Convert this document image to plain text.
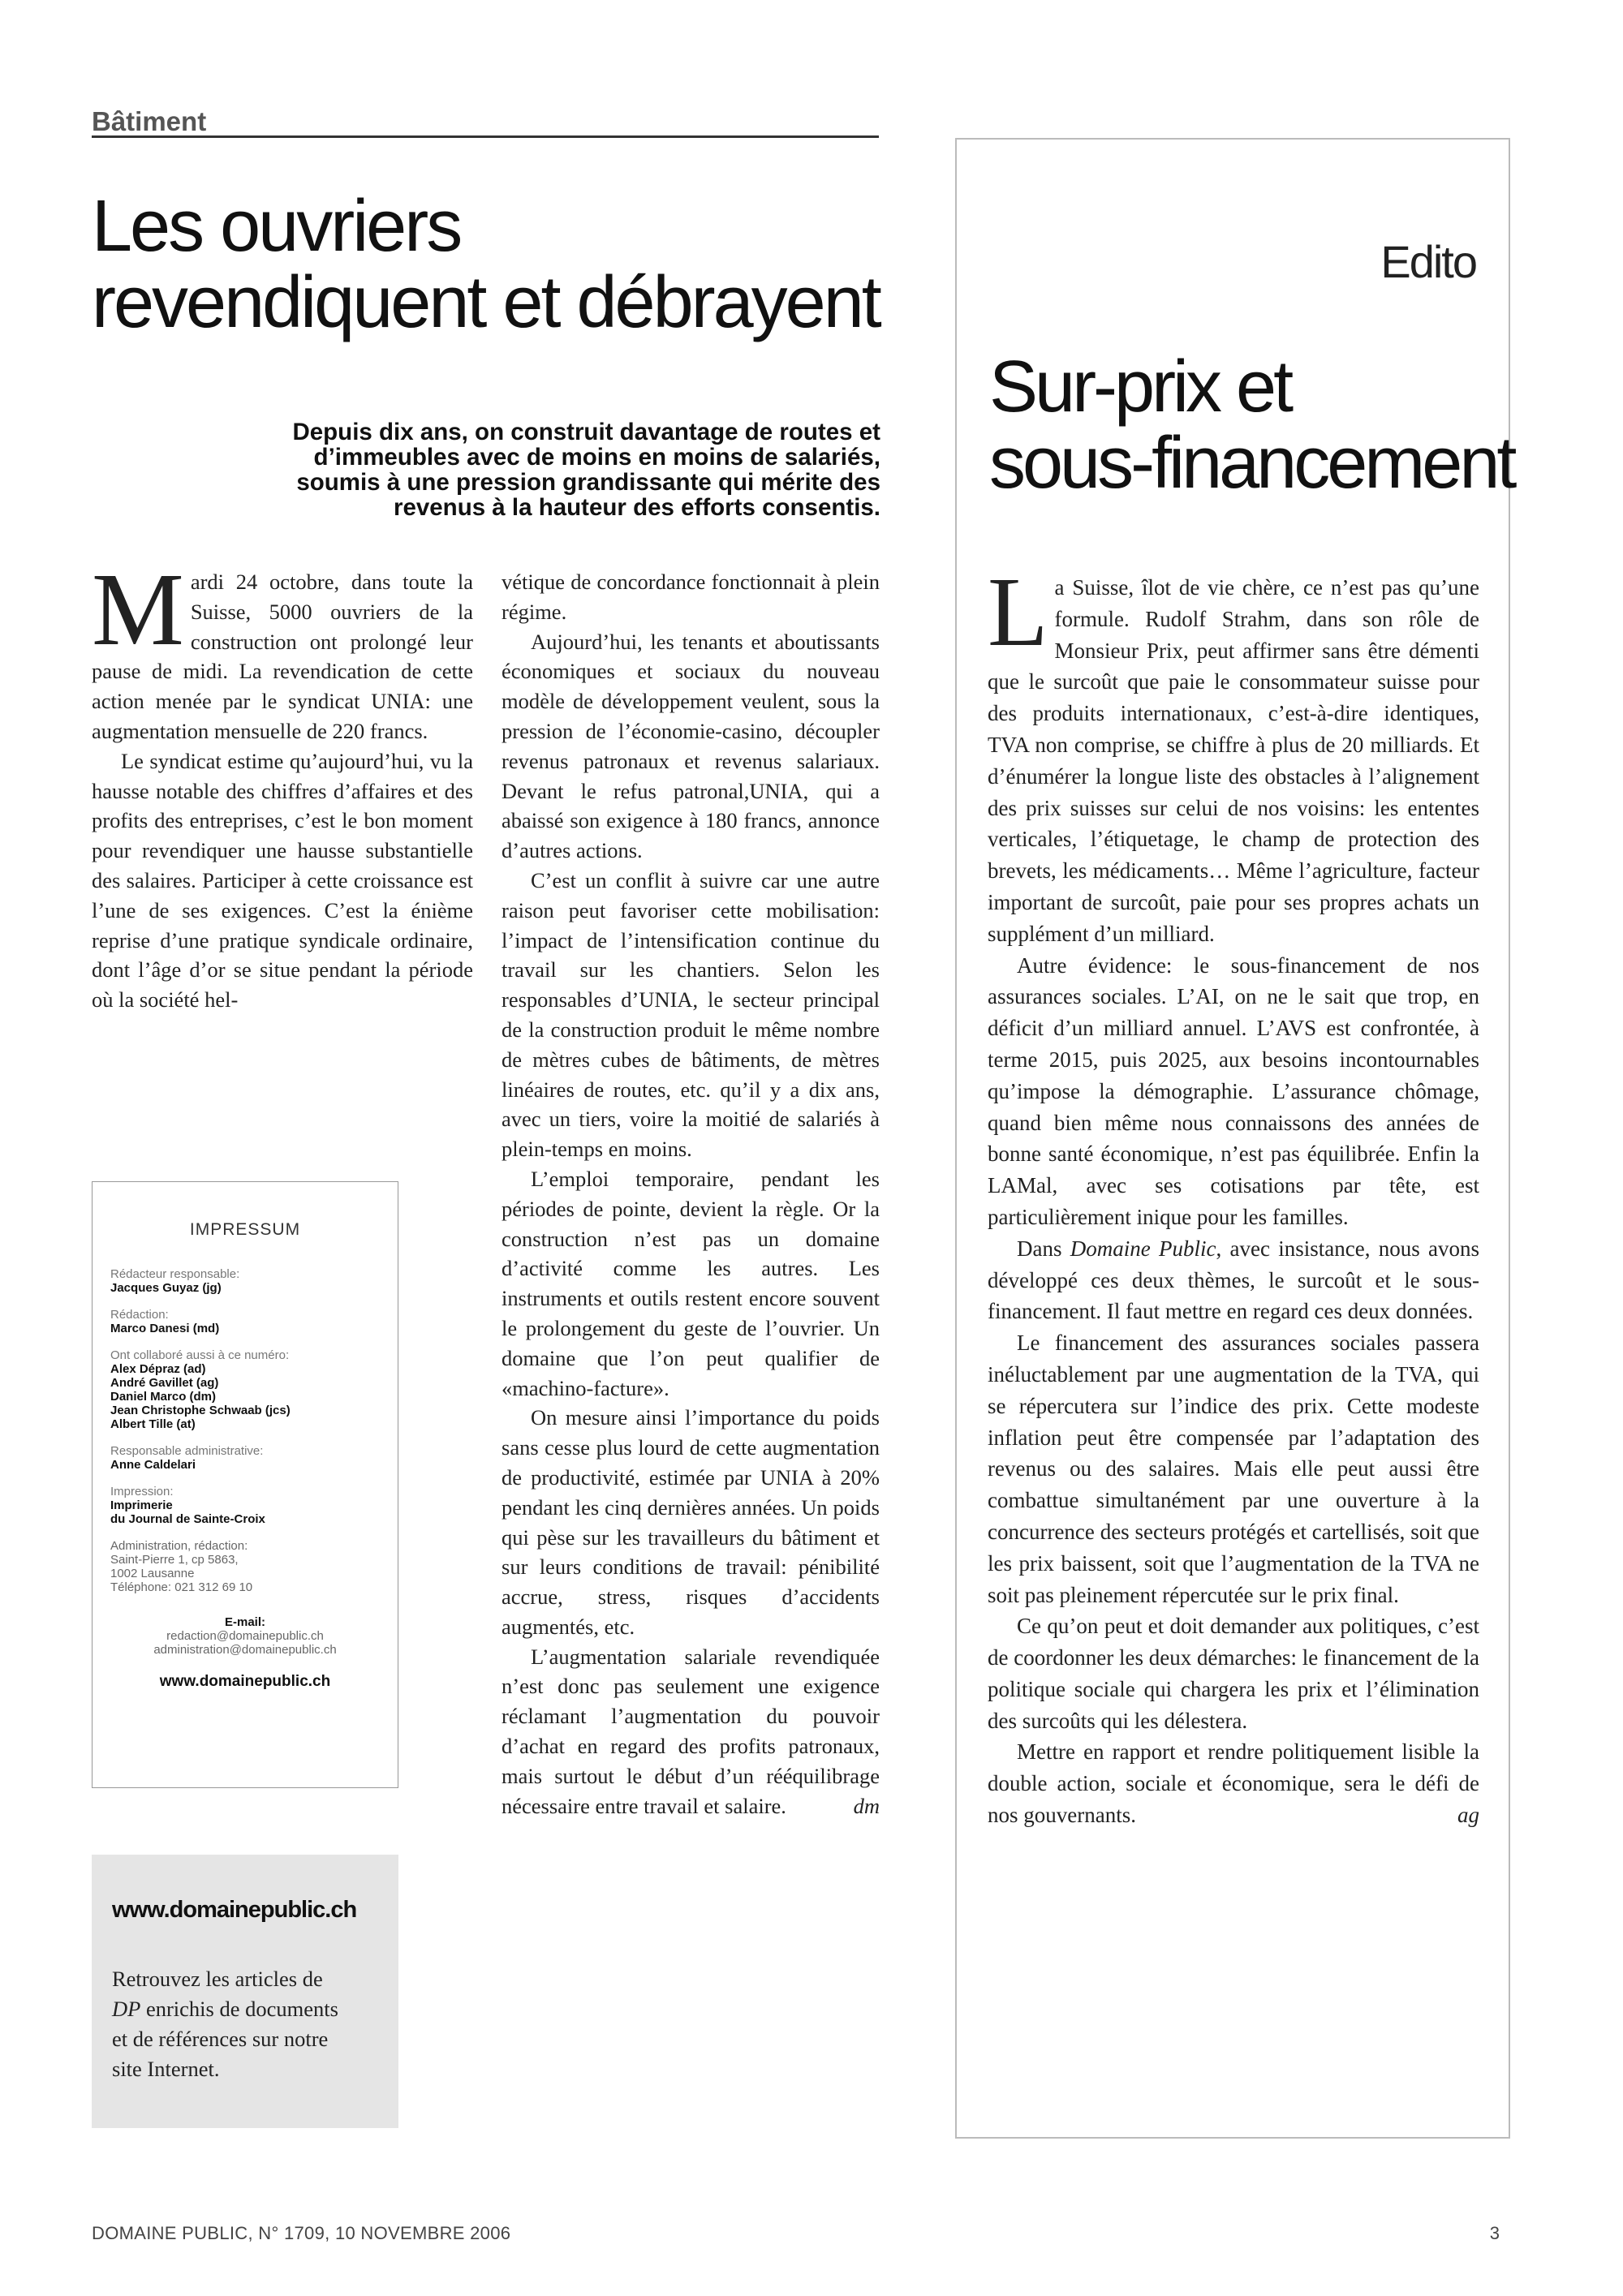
Bâtiment
Les ouvriers
revendiquent et débrayent
Depuis dix ans, on construit davantage de routes et
d’immeubles avec de moins en moins de salariés,
soumis à une pression grandissante qui mérite des
revenus à la hauteur des efforts consentis.

Mardi 24 octobre, dans toute la Suisse, 5000 ouvriers de la construction ont prolongé leur pause de midi. La revendication de cette action menée par le syndicat UNIA: une augmentation mensuelle de 220 francs.

Le syndicat estime qu’aujourd’hui, vu la hausse notable des chiffres d’affaires et des profits des entreprises, c’est le bon moment pour revendiquer une hausse substantielle des salaires. Participer à cette croissance est l’une de ses exigences. C’est la énième reprise d’une pratique syndicale ordinaire, dont l’âge d’or se situe pendant la période où la société hel-

vétique de concordance fonctionnait à plein régime.

Aujourd’hui, les tenants et aboutissants économiques et sociaux du nouveau modèle de développement veulent, sous la pression de l’économie-casino, découpler revenus patronaux et revenus salariaux. Devant le refus patronal,UNIA, qui a abaissé son exigence à 180 francs, annonce d’autres actions.

C’est un conflit à suivre car une autre raison peut favoriser cette mobilisation: l’impact de l’intensification continue du travail sur les chantiers. Selon les responsables d’UNIA, le secteur principal de la construction produit le même nombre de mètres cubes de bâtiments, de mètres linéaires de routes, etc. qu’il y a dix ans, avec un tiers, voire la moitié de salariés à plein-temps en moins.

L’emploi temporaire, pendant les périodes de pointe, devient la règle. Or la construction n’est pas un domaine d’activité comme les autres. Les instruments et outils restent encore souvent le prolongement du geste de l’ouvrier. Un domaine que l’on peut qualifier de «machino-facture».

On mesure ainsi l’importance du poids sans cesse plus lourd de cette augmentation de productivité, estimée par UNIA à 20% pendant les cinq dernières années. Un poids qui pèse sur les travailleurs du bâtiment et sur leurs conditions de travail: pénibilité accrue, stress, risques d’accidents augmentés, etc.

L’augmentation salariale revendiquée n’est donc pas seulement une exigence réclamant l’augmentation du pouvoir d’achat en regard des profits patronaux, mais surtout le début d’un rééquilibrage nécessaire entre travail et salaire.	dm

IMPRESSUM
Rédacteur responsable:
Jacques Guyaz (jg)
Rédaction:
Marco Danesi (md)
Ont collaboré aussi à ce numéro:
Alex Dépraz (ad)
André Gavillet (ag)
Daniel Marco (dm)
Jean Christophe Schwaab (jcs)
Albert Tille (at)
Responsable administrative:
Anne Caldelari
Impression:
Imprimerie
du Journal de Sainte-Croix
Administration, rédaction:
Saint-Pierre 1, cp 5863,
1002 Lausanne
Téléphone: 021 312 69 10
E-mail:
redaction@domainepublic.ch
administration@domainepublic.ch
www.domainepublic.ch
www.domainepublic.ch
Retrouvez les articles de
DP enrichis de documents
et de références sur notre
site Internet.
Edito
Sur-prix et
sous-financement

La Suisse, îlot de vie chère, ce n’est pas qu’une formule. Rudolf Strahm, dans son rôle de Monsieur Prix, peut affirmer sans être démenti que le surcoût que paie le consommateur suisse pour des produits internationaux, c’est-à-dire identiques, TVA non comprise, se chiffre à plus de 20 milliards. Et d’énumérer la longue liste des obstacles à l’alignement des prix suisses sur celui de nos voisins: les ententes verticales, l’étiquetage, le champ de protection des brevets, les médicaments… Même l’agriculture, facteur important de surcoût, paie pour ses propres achats un supplément d’un milliard.

Autre évidence: le sous-financement de nos assurances sociales. L’AI, on ne le sait que trop, en déficit d’un milliard annuel. L’AVS est confrontée, à terme 2015, puis 2025, aux besoins incontournables qu’impose la démographie. L’assurance chômage, quand bien même nous connaissons des années de bonne santé économique, n’est pas équilibrée. Enfin la LAMal, avec ses cotisations par tête, est particulièrement inique pour les familles.

Dans Domaine Public, avec insistance, nous avons développé ces deux thèmes, le surcoût et le sous-financement. Il faut mettre en regard ces deux données.

Le financement des assurances sociales passera inéluctablement par une augmentation de la TVA, qui se répercutera sur l’indice des prix. Cette modeste inflation peut être compensée par l’adaptation des revenus ou des salaires. Mais elle peut aussi être combattue simultanément par une ouverture à la concurrence des secteurs protégés et cartellisés, soit que les prix baissent, soit que l’augmentation de la TVA ne soit pas pleinement répercutée sur le prix final.

Ce qu’on peut et doit demander aux politiques, c’est de coordonner les deux démarches: le financement de la politique sociale qui chargera les prix et l’élimination des surcoûts qui les délestera.

Mettre en rapport et rendre politiquement lisible la double action, sociale et économique, sera le défi de nos gouvernants.	ag

DOMAINE PUBLIC, N° 1709, 10 NOVEMBRE 2006	3
